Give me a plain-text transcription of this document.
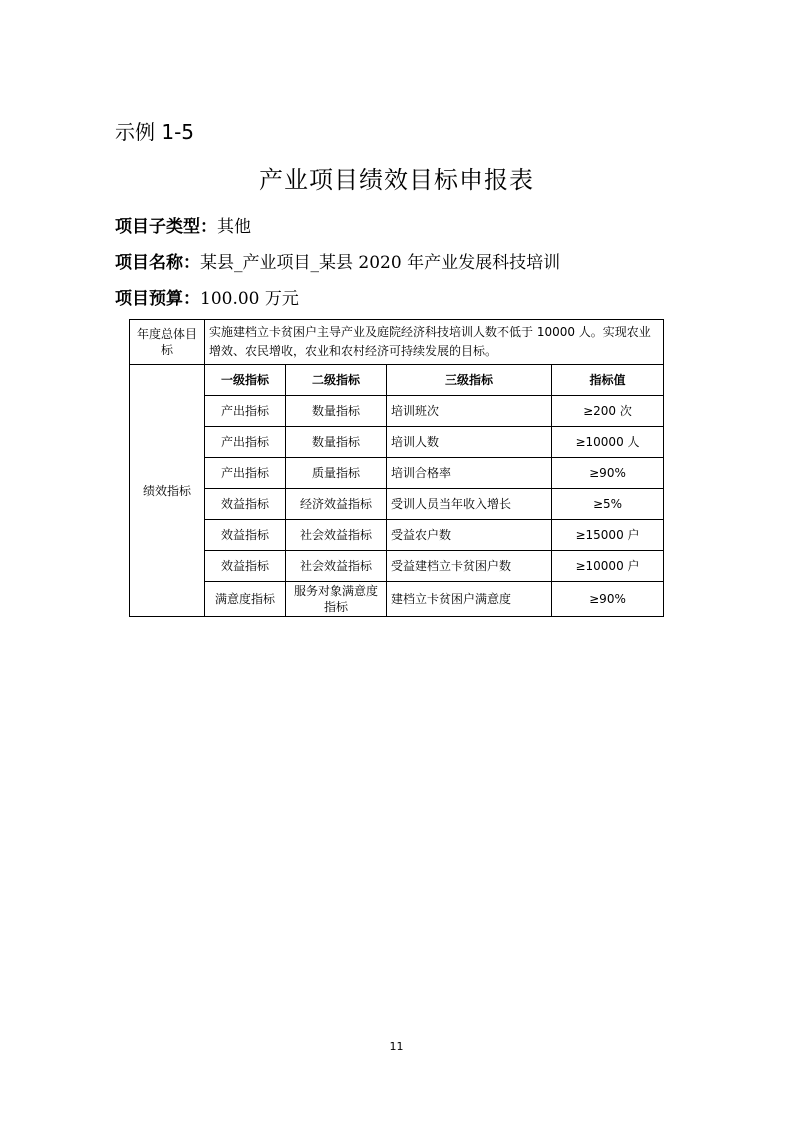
示例 1-5
产业项目绩效目标申报表
项目子类型：其他
项目名称：某县_产业项目_某县 2020 年产业发展科技培训
项目预算：100.00 万元
年度总体目标	实施建档立卡贫困户主导产业及庭院经济科技培训人数不低于 10000 人。实现农业增效、农民增收，农业和农村经济可持续发展的目标。			
绩效指标	一级指标	二级指标	三级指标	指标值
	产出指标	数量指标	培训班次	≥200 次
	产出指标	数量指标	培训人数	≥10000 人
	产出指标	质量指标	培训合格率	≥90%
	效益指标	经济效益指标	受训人员当年收入增长	≥5%
	效益指标	社会效益指标	受益农户数	≥15000 户
	效益指标	社会效益指标	受益建档立卡贫困户数	≥10000 户
	满意度指标	服务对象满意度指标	建档立卡贫困户满意度	≥90%
11
